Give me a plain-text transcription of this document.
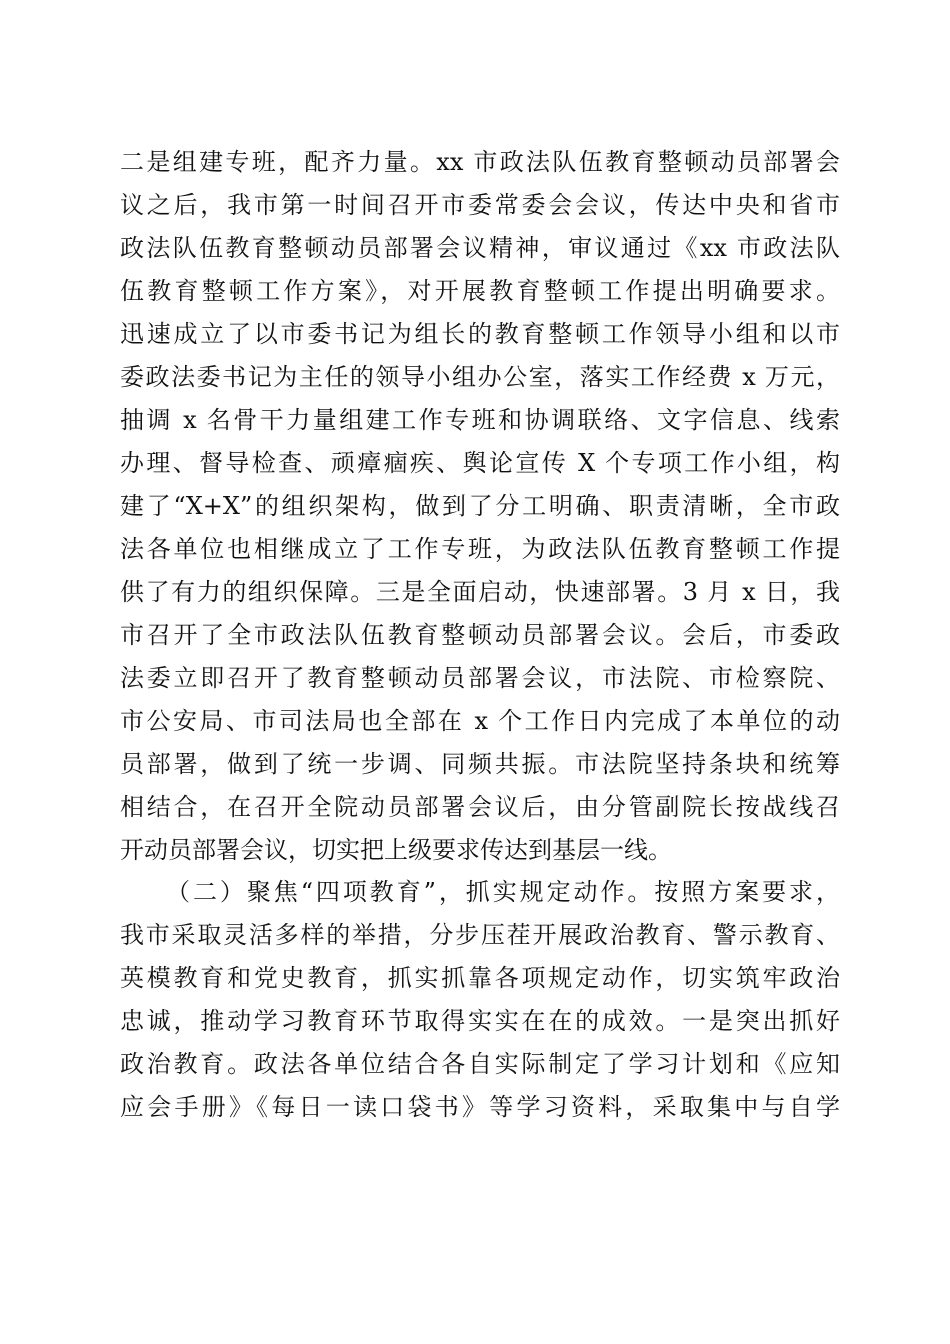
二是组建专班，配齐力量。xx 市政法队伍教育整顿动员部署会
议之后，我市第一时间召开市委常委会会议，传达中央和省市
政法队伍教育整顿动员部署会议精神，审议通过《xx 市政法队
伍教育整顿工作方案》，对开展教育整顿工作提出明确要求。
迅速成立了以市委书记为组长的教育整顿工作领导小组和以市
委政法委书记为主任的领导小组办公室，落实工作经费 x 万元，
抽调 x 名骨干力量组建工作专班和协调联络、文字信息、线索
办理、督导检查、顽瘴痼疾、舆论宣传 X 个专项工作小组，构
建了“X+X”的组织架构，做到了分工明确、职责清晰，全市政
法各单位也相继成立了工作专班，为政法队伍教育整顿工作提
供了有力的组织保障。三是全面启动，快速部署。3 月 x 日，我
市召开了全市政法队伍教育整顿动员部署会议。会后，市委政
法委立即召开了教育整顿动员部署会议，市法院、市检察院、
市公安局、市司法局也全部在 x 个工作日内完成了本单位的动
员部署，做到了统一步调、同频共振。市法院坚持条块和统筹
相结合，在召开全院动员部署会议后，由分管副院长按战线召
开动员部署会议，切实把上级要求传达到基层一线。
（二）聚焦“四项教育”，抓实规定动作。按照方案要求，
我市采取灵活多样的举措，分步压茬开展政治教育、警示教育、
英模教育和党史教育，抓实抓靠各项规定动作，切实筑牢政治
忠诚，推动学习教育环节取得实实在在的成效。一是突出抓好
政治教育。政法各单位结合各自实际制定了学习计划和《应知
应会手册》《每日一读口袋书》等学习资料，采取集中与自学
